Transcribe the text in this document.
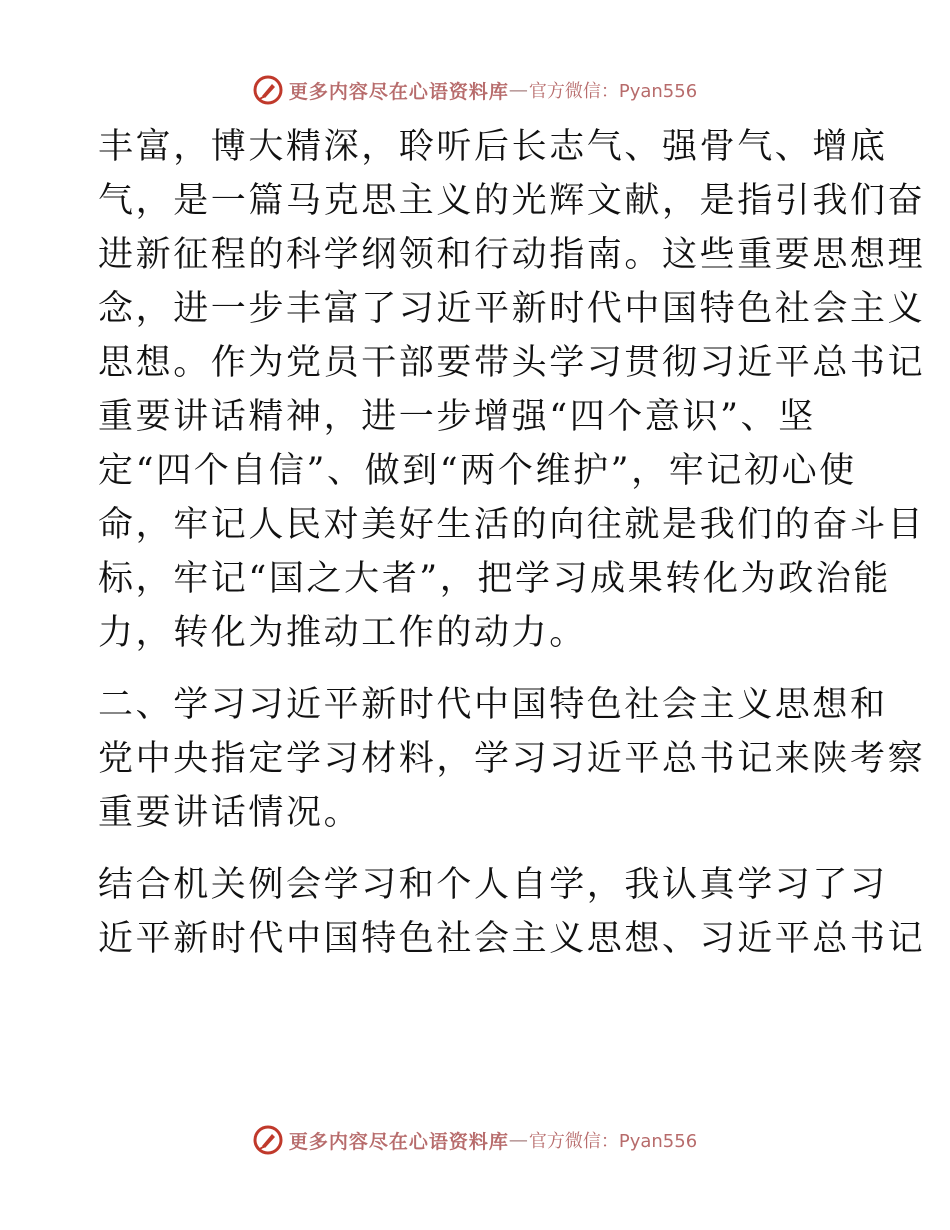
更多内容尽在心语资料库 — 官方微信：Pyan556
丰富，博大精深，聆听后长志气、强骨气、增底
气，是一篇马克思主义的光辉文献，是指引我们奋
进新征程的科学纲领和行动指南。这些重要思想理
念，进一步丰富了习近平新时代中国特色社会主义
思想。作为党员干部要带头学习贯彻习近平总书记
重要讲话精神，进一步增强“四个意识”、坚
定“四个自信”、做到“两个维护”，牢记初心使
命，牢记人民对美好生活的向往就是我们的奋斗目
标，牢记“国之大者”，把学习成果转化为政治能
力，转化为推动工作的动力。
二、学习习近平新时代中国特色社会主义思想和
党中央指定学习材料，学习习近平总书记来陕考察
重要讲话情况。
结合机关例会学习和个人自学，我认真学习了习
近平新时代中国特色社会主义思想、习近平总书记
更多内容尽在心语资料库 — 官方微信：Pyan556
